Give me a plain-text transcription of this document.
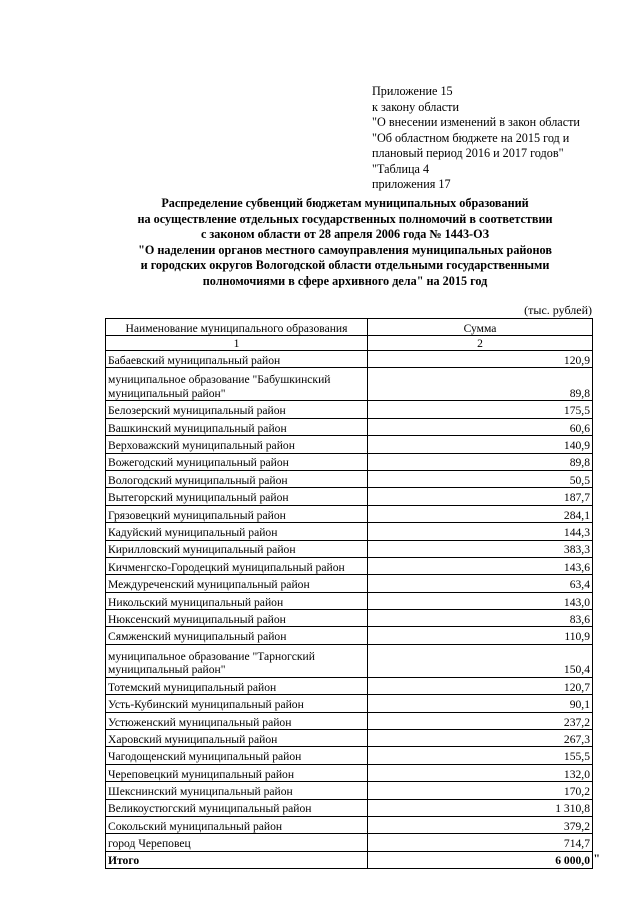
Приложение 15
к закону области
"О внесении изменений в закон области
"Об областном бюджете на 2015 год и
плановый период 2016 и 2017 годов"
"Таблица 4
приложения 17
Распределение субвенций бюджетам муниципальных образований
на осуществление отдельных государственных полномочий в соответствии
с законом области от 28 апреля 2006 года № 1443-ОЗ
"О наделении органов местного самоуправления муниципальных районов
и городских округов Вологодской области отдельными государственными
полномочиями в сфере архивного дела" на 2015 год
(тыс. рублей)
Наименование муниципального образования	Сумма
1	2
Бабаевский муниципальный район	120,9
муниципальное образование "Бабушкинский муниципальный район"	89,8
Белозерский муниципальный район	175,5
Вашкинский муниципальный район	60,6
Верховажский муниципальный район	140,9
Вожегодский муниципальный район	89,8
Вологодский муниципальный район	50,5
Вытегорский муниципальный район	187,7
Грязовецкий муниципальный район	284,1
Кадуйский муниципальный район	144,3
Кирилловский муниципальный район	383,3
Кичменгско-Городецкий муниципальный район	143,6
Междуреченский муниципальный район	63,4
Никольский муниципальный район	143,0
Нюксенский муниципальный район	83,6
Сямженский муниципальный район	110,9
муниципальное образование "Тарногский муниципальный район"	150,4
Тотемский муниципальный район	120,7
Усть-Кубинский муниципальный район	90,1
Устюженский муниципальный район	237,2
Харовский муниципальный район	267,3
Чагодощенский муниципальный район	155,5
Череповецкий муниципальный район	132,0
Шекснинский муниципальный район	170,2
Великоустюгский муниципальный район	1 310,8
Сокольский муниципальный район	379,2
город Череповец	714,7
Итого	6 000,0 "
